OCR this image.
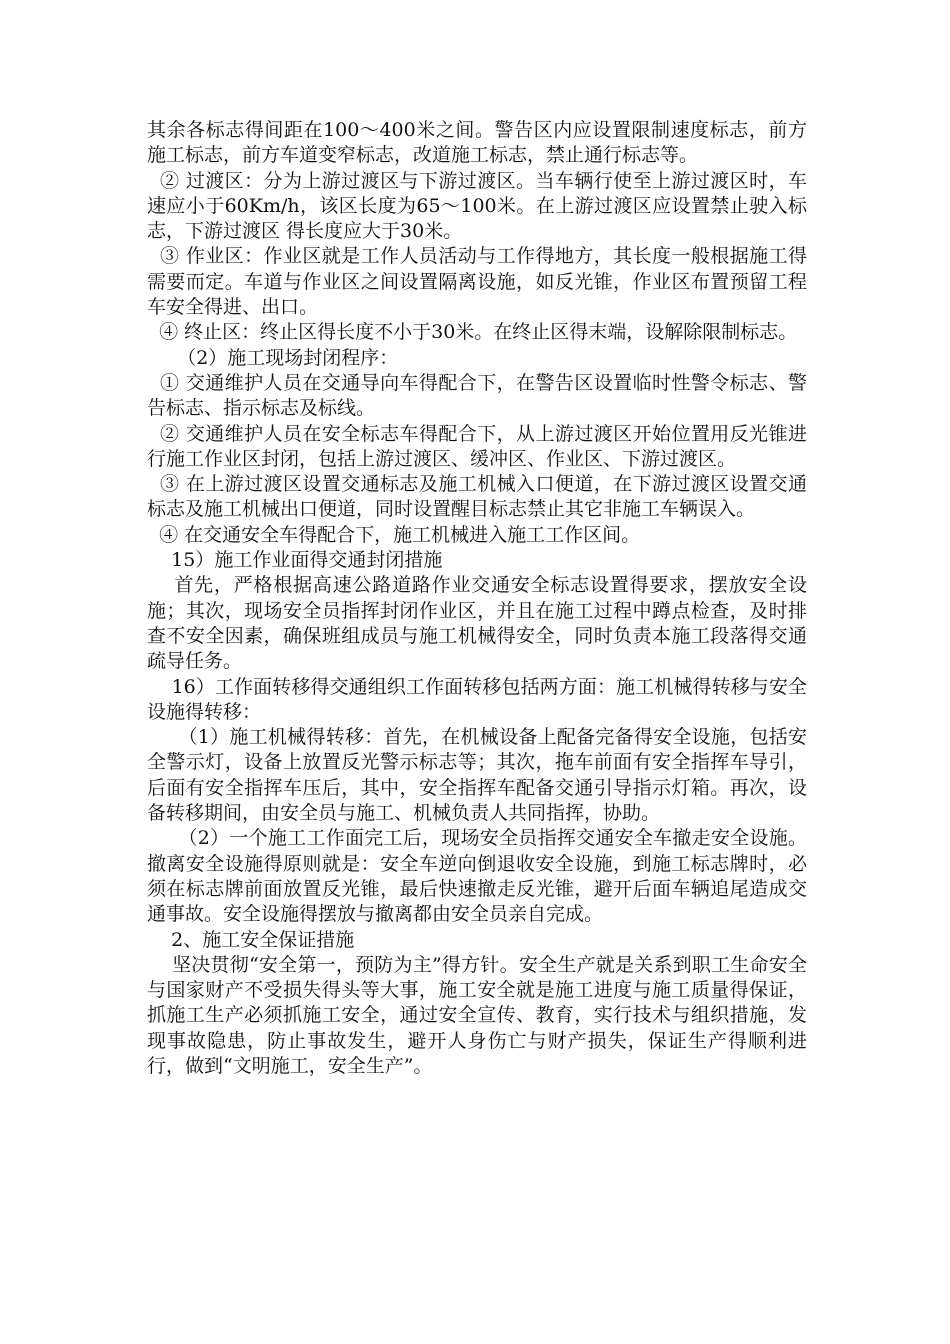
其余各标志得间距在100～400米之间。警告区内应设置限制速度标志，前方施工标志，前方车道变窄标志，改道施工标志，禁止通行标志等。

② 过渡区：分为上游过渡区与下游过渡区。当车辆行使至上游过渡区时，车速应小于60Km/h，该区长度为65～100米。在上游过渡区应设置禁止驶入标志，下游过渡区 得长度应大于30米。

③ 作业区：作业区就是工作人员活动与工作得地方，其长度一般根据施工得需要而定。车道与作业区之间设置隔离设施，如反光锥，作业区布置预留工程车安全得进、出口。

④ 终止区：终止区得长度不小于30米。在终止区得末端，设解除限制标志。

（2）施工现场封闭程序：

① 交通维护人员在交通导向车得配合下，在警告区设置临时性警令标志、警告标志、指示标志及标线。

② 交通维护人员在安全标志车得配合下，从上游过渡区开始位置用反光锥进行施工作业区封闭，包括上游过渡区、缓冲区、作业区、下游过渡区。

③ 在上游过渡区设置交通标志及施工机械入口便道，在下游过渡区设置交通标志及施工机械出口便道，同时设置醒目标志禁止其它非施工车辆误入。

④ 在交通安全车得配合下，施工机械进入施工工作区间。

15）施工作业面得交通封闭措施

首先，严格根据高速公路道路作业交通安全标志设置得要求，摆放安全设施；其次，现场安全员指挥封闭作业区，并且在施工过程中蹲点检查，及时排查不安全因素，确保班组成员与施工机械得安全，同时负责本施工段落得交通疏导任务。

16）工作面转移得交通组织工作面转移包括两方面：施工机械得转移与安全设施得转移：

（1）施工机械得转移：首先，在机械设备上配备完备得安全设施，包括安全警示灯，设备上放置反光警示标志等；其次，拖车前面有安全指挥车导引，后面有安全指挥车压后，其中，安全指挥车配备交通引导指示灯箱。再次，设备转移期间，由安全员与施工、机械负责人共同指挥，协助。

（2）一个施工工作面完工后，现场安全员指挥交通安全车撤走安全设施。撤离安全设施得原则就是：安全车逆向倒退收安全设施，到施工标志牌时，必须在标志牌前面放置反光锥，最后快速撤走反光锥，避开后面车辆追尾造成交通事故。安全设施得摆放与撤离都由安全员亲自完成。

2、施工安全保证措施

坚决贯彻“安全第一，预防为主”得方针。安全生产就是关系到职工生命安全与国家财产不受损失得头等大事，施工安全就是施工进度与施工质量得保证，抓施工生产必须抓施工安全，通过安全宣传、教育，实行技术与组织措施，发现事故隐患，防止事故发生，避开人身伤亡与财产损失，保证生产得顺利进行，做到“文明施工，安全生产”。
